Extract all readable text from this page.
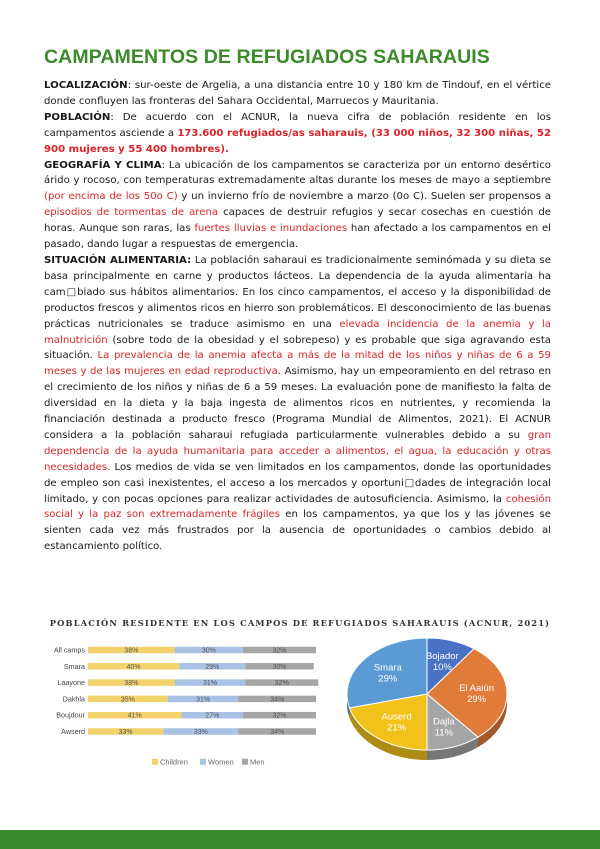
CAMPAMENTOS DE REFUGIADOS SAHARAUIS

LOCALIZACIÓN: sur-oeste de Argelia, a una distancia entre 10 y 180 km de Tindouf, en el vértice donde confluyen las fronteras del Sahara Occidental, Marruecos y Mauritania.

POBLACIÓN: De acuerdo con el ACNUR, la nueva cifra de población residente en los campamentos asciende a 173.600 refugiados/as saharauis, (33 000 niños, 32 300 niñas, 52 900 mujeres y 55 400 hombres).

GEOGRAFÍA Y CLIMA: La ubicación de los campamentos se caracteriza por un entorno desértico árido y rocoso, con temperaturas extremadamente altas durante los meses de mayo a septiembre (por encima de los 50o C) y un invierno frío de noviembre a marzo (0o C). Suelen ser propensos a episodios de tormentas de arena capaces de destruir refugios y secar cosechas en cuestión de horas. Aunque son raras, las fuertes lluvias e inundaciones han afectado a los campamentos en el pasado, dando lugar a respuestas de emergencia.

SITUACIÓN ALIMENTARIA: La población saharaui es tradicionalmente seminómada y su dieta se basa principalmente en carne y productos lácteos. La dependencia de la ayuda alimentaria ha cam□biado sus hábitos alimentarios. En los cinco campamentos, el acceso y la disponibilidad de productos frescos y alimentos ricos en hierro son problemáticos. El desconocimiento de las buenas prácticas nutricionales se traduce asimismo en una elevada incidencia de la anemia y la malnutrición (sobre todo de la obesidad y el sobrepeso) y es probable que siga agravando esta situación. La prevalencia de la anemia afecta a más de la mitad de los niños y niñas de 6 a 59 meses y de las mujeres en edad reproductiva. Asimismo, hay un empeoramiento en del retraso en el crecimiento de los niños y niñas de 6 a 59 meses. La evaluación pone de manifiesto la falta de diversidad en la dieta y la baja ingesta de alimentos ricos en nutrientes, y recomienda la financiación destinada a producto fresco (Programa Mundial de Alimentos, 2021). El ACNUR considera a la población saharaui refugiada particularmente vulnerables debido a su gran dependencia de la ayuda humanitaria para acceder a alimentos, el agua, la educación y otras necesidades. Los medios de vida se ven limitados en los campamentos, donde las oportunidades de empleo son casi inexistentes, el acceso a los mercados y oportuni□dades de integración local limitado, y con pocas opciones para realizar actividades de autosuficiencia. Asimismo, la cohesión social y la paz son extremadamente frágiles en los campamentos, ya que los y las jóvenes se sienten cada vez más frustrados por la ausencia de oportunidades o cambios debido al estancamiento político.

POBLACIÓN RESIDENTE EN LOS CAMPOS DE REFUGIADOS SAHARAUIS (ACNUR, 2021)
All camps	38%	30%	32%
Smara	40%	29%	30%
Laayone	38%	31%	32%
Dakhla	35%	31%	34%
Boujdour	41%	27%	32%
Awserd	33%	33%	34%
Children	Women Men
Bojador
10%
El Aaiún
29%
Dajla
11%
Auserd
21%
Smara
29%
